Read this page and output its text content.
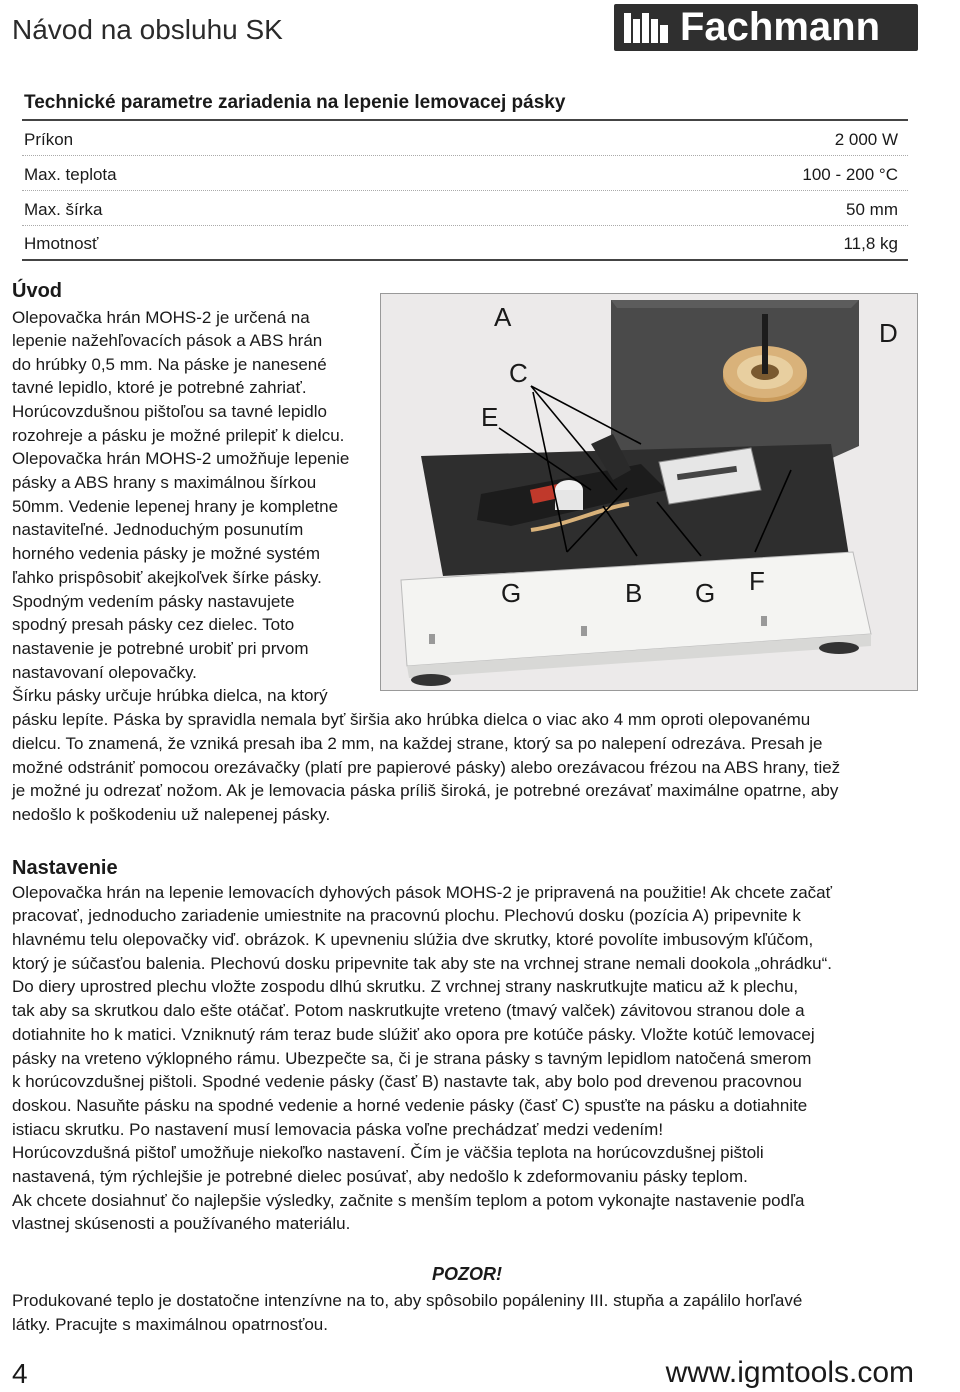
Návod na obsluhu SK	Fachmann
Technické parametre zariadenia na lepenie lemovacej pásky
Príkon	2 000 W
Max. teplota	100 - 200 °C
Max. šírka	50 mm
Hmotnosť	11,8 kg
Úvod
Olepovačka hrán MOHS-2 je určená na
lepenie nažehľovacích pások a ABS hrán
do hrúbky 0,5 mm. Na páske je nanesené
tavné lepidlo, ktoré je potrebné zahriať.
Horúcovzdušnou pištoľou sa tavné lepidlo
rozohreje a pásku je možné prilepiť k dielcu.
Olepovačka hrán MOHS-2 umožňuje lepenie
pásky a ABS hrany s maximálnou šírkou
50mm. Vedenie lepenej hrany je kompletne
nastaviteľné. Jednoduchým posunutím
horného vedenia pásky je možné systém
ľahko prispôsobiť akejkoľvek šírke pásky.
Spodným vedením pásky nastavujete
spodný presah pásky cez dielec. Toto
nastavenie je potrebné urobiť pri prvom
nastavovaní olepovačky.
Šírku pásky určuje hrúbka dielca, na ktorý
pásku lepíte. Páska by spravidla nemala byť širšia ako hrúbka dielca o viac ako 4 mm oproti olepovanému
dielcu. To znamená, že vzniká presah iba 2 mm, na každej strane, ktorý sa po nalepení odrezáva. Presah je
možné odstrániť pomocou orezávačky (platí pre papierové pásky) alebo orezávacou frézou na ABS hrany, tiež
je možné ju odrezať nožom. Ak je lemovacia páska príliš široká, je potrebné orezávať maximálne opatrne, aby
nedošlo k poškodeniu už nalepenej pásky.
A
B
C
D
E
F
G	G
Nastavenie
Olepovačka hrán na lepenie lemovacích dyhových pások MOHS-2 je pripravená na použitie! Ak chcete začať
pracovať, jednoducho zariadenie umiestnite na pracovnú plochu. Plechovú dosku (pozícia A) pripevnite k
hlavnému telu olepovačky viď. obrázok. K upevneniu slúžia dve skrutky, ktoré povolíte imbusovým kľúčom,
ktorý je súčasťou balenia. Plechovú dosku pripevnite tak aby ste na vrchnej strane nemali dookola „ohrádku“.
Do diery uprostred plechu vložte zospodu dlhú skrutku. Z vrchnej strany naskrutkujte maticu až k plechu,
tak aby sa skrutkou dalo ešte otáčať. Potom naskrutkujte vreteno (tmavý valček) závitovou stranou dole a
dotiahnite ho k matici. Vzniknutý rám teraz bude slúžiť ako opora pre kotúče pásky. Vložte kotúč lemovacej
pásky na vreteno výklopného rámu. Ubezpečte sa, či je strana pásky s tavným lepidlom natočená smerom
k horúcovzdušnej pištoli. Spodné vedenie pásky (časť B) nastavte tak, aby bolo pod drevenou pracovnou
doskou. Nasuňte pásku na spodné vedenie a horné vedenie pásky (časť C) spusťte na pásku a dotiahnite
istiacu skrutku. Po nastavení musí lemovacia páska voľne prechádzať medzi vedením!
Horúcovzdušná pištoľ umožňuje niekoľko nastavení. Čím je väčšia teplota na horúcovzdušnej pištoli
nastavená, tým rýchlejšie je potrebné dielec posúvať, aby nedošlo k zdeformovaniu pásky teplom.
Ak chcete dosiahnuť čo najlepšie výsledky, začnite s menším teplom a potom vykonajte nastavenie podľa
vlastnej skúsenosti a používaného materiálu.
POZOR!
Produkované teplo je dostatočne intenzívne na to, aby spôsobilo popáleniny III. stupňa a zapálilo horľavé
látky. Pracujte s maximálnou opatrnosťou.
4	www.igmtools.com
